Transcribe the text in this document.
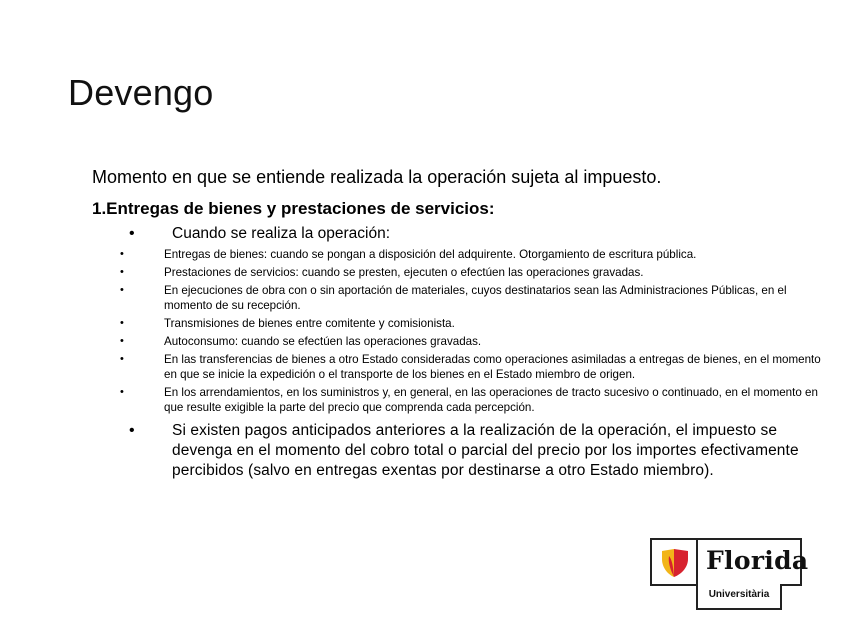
Devengo

Momento en que se entiende realizada la operación sujeta al impuesto.

1.Entregas de bienes y prestaciones de servicios:

• Cuando se realiza la operación:
• Entregas de bienes: cuando se pongan a disposición del adquirente. Otorgamiento de escritura pública.
• Prestaciones de servicios: cuando se presten, ejecuten o efectúen las operaciones gravadas.
• En ejecuciones de obra con o sin aportación de materiales, cuyos destinatarios sean las Administraciones Públicas, en el momento de su recepción.
• Transmisiones de bienes entre comitente y comisionista.
• Autoconsumo: cuando se efectúen las operaciones gravadas.
• En las transferencias de bienes a otro Estado consideradas como operaciones asimiladas a entregas de bienes, en el momento en que se inicie la expedición o el transporte de los bienes en el Estado miembro de origen.
• En los arrendamientos, en los suministros y, en general, en las operaciones de tracto sucesivo o continuado, en el momento en que resulte exigible la parte del precio que comprenda cada percepción.
• Si existen pagos anticipados anteriores a la realización de la operación, el impuesto se devenga en el momento del cobro total o parcial del precio por los importes efectivamente percibidos (salvo en entregas exentas por destinarse a otro Estado miembro).
Florida
Universitària
